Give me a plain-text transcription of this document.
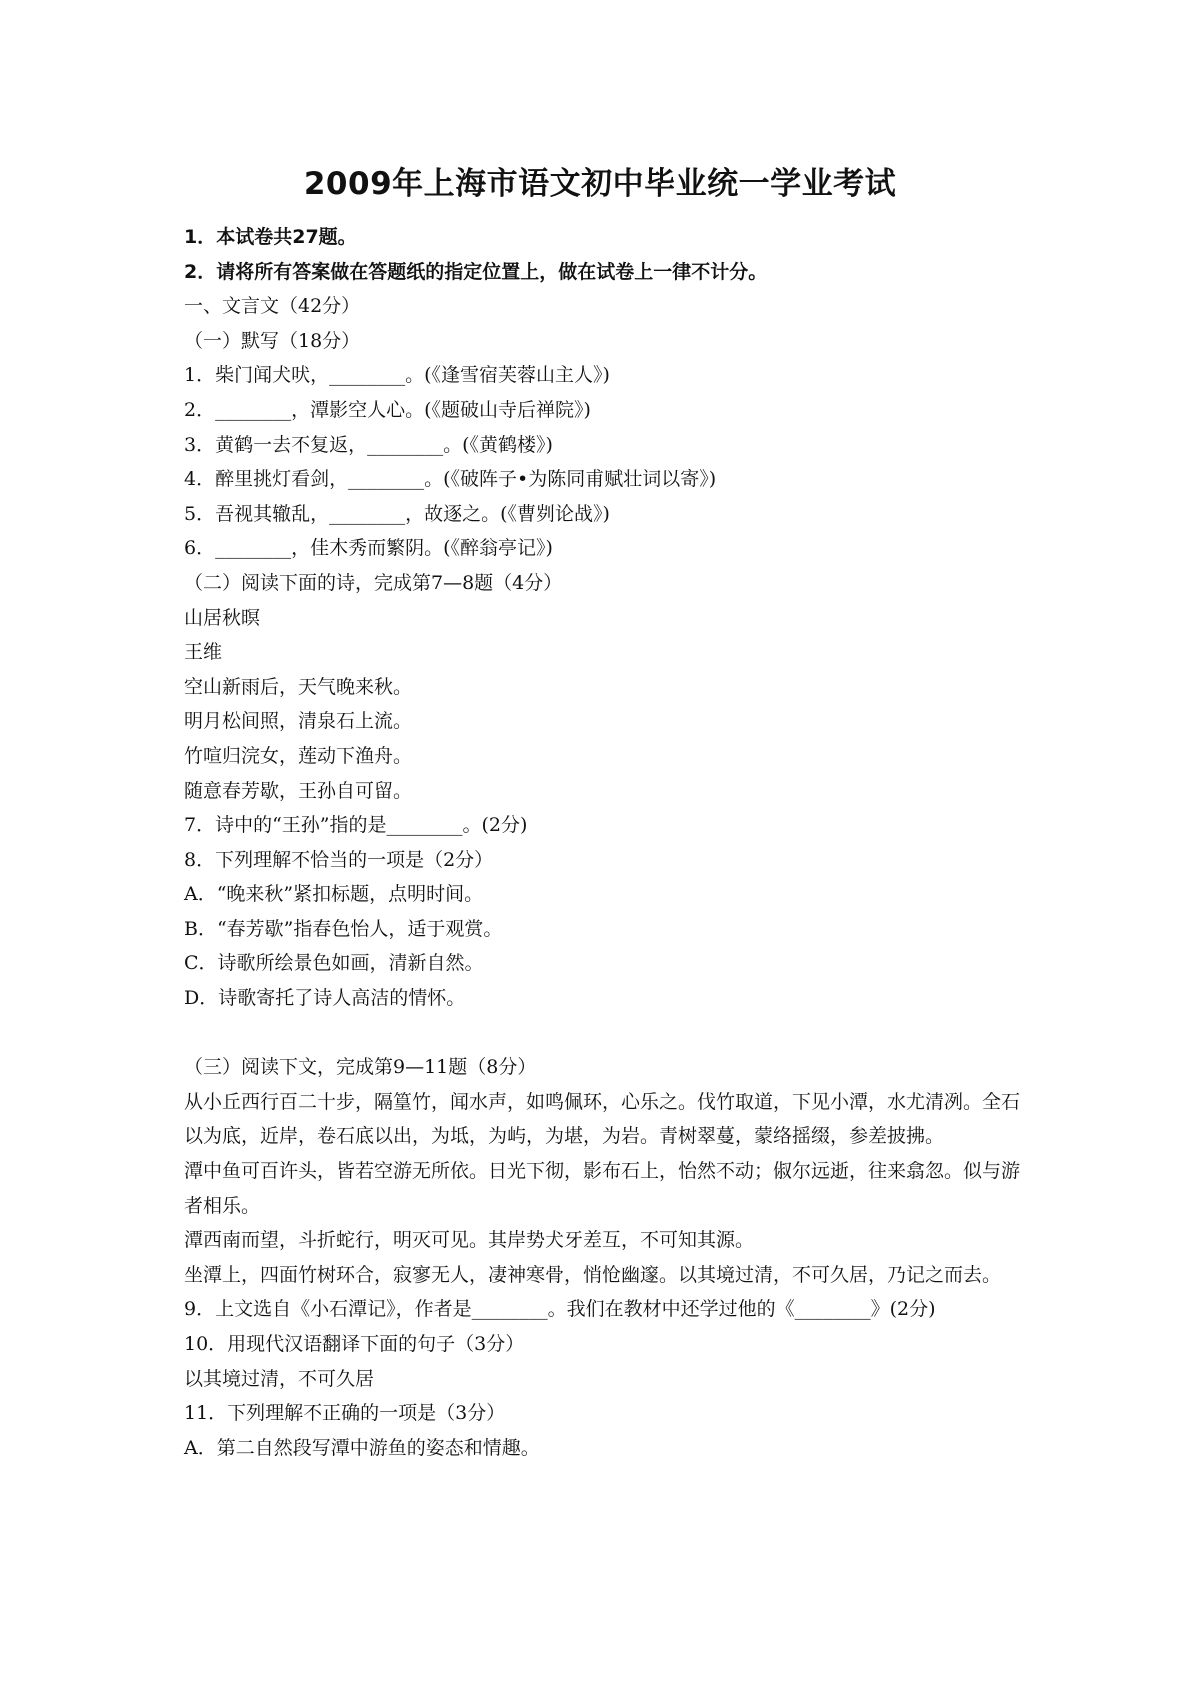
2009年上海市语文初中毕业统一学业考试
1．本试卷共27题。
2．请将所有答案做在答题纸的指定位置上，做在试卷上一律不计分。
一、文言文（42分）
（一）默写（18分）
1．柴门闻犬吠，________。(《逢雪宿芙蓉山主人》)
2．________，潭影空人心。(《题破山寺后禅院》)
3．黄鹤一去不复返，________。(《黄鹤楼》)
4．醉里挑灯看剑，________。(《破阵子•为陈同甫赋壮词以寄》)
5．吾视其辙乱，________，故逐之。(《曹刿论战》)
6．________，佳木秀而繁阴。(《醉翁亭记》)
（二）阅读下面的诗，完成第7—8题（4分）
山居秋暝
王维
空山新雨后，天气晚来秋。
明月松间照，清泉石上流。
竹喧归浣女，莲动下渔舟。
随意春芳歇，王孙自可留。
7．诗中的“王孙”指的是________。(2分)
8．下列理解不恰当的一项是（2分）
A．“晚来秋”紧扣标题，点明时间。
B．“春芳歇”指春色怡人，适于观赏。
C．诗歌所绘景色如画，清新自然。
D．诗歌寄托了诗人高洁的情怀。
（三）阅读下文，完成第9—11题（8分）
从小丘西行百二十步，隔篁竹，闻水声，如鸣佩环，心乐之。伐竹取道，下见小潭，水尤清冽。全石以为底，近岸，卷石底以出，为坻，为屿，为堪，为岩。青树翠蔓，蒙络摇缀，参差披拂。
潭中鱼可百许头，皆若空游无所依。日光下彻，影布石上，怡然不动；俶尔远逝，往来翕忽。似与游者相乐。
潭西南而望，斗折蛇行，明灭可见。其岸势犬牙差互，不可知其源。
坐潭上，四面竹树环合，寂寥无人，凄神寒骨，悄怆幽邃。以其境过清，不可久居，乃记之而去。
9．上文选自《小石潭记》，作者是________。我们在教材中还学过他的《________》(2分)
10．用现代汉语翻译下面的句子（3分）
以其境过清，不可久居
11．下列理解不正确的一项是（3分）
A．第二自然段写潭中游鱼的姿态和情趣。
